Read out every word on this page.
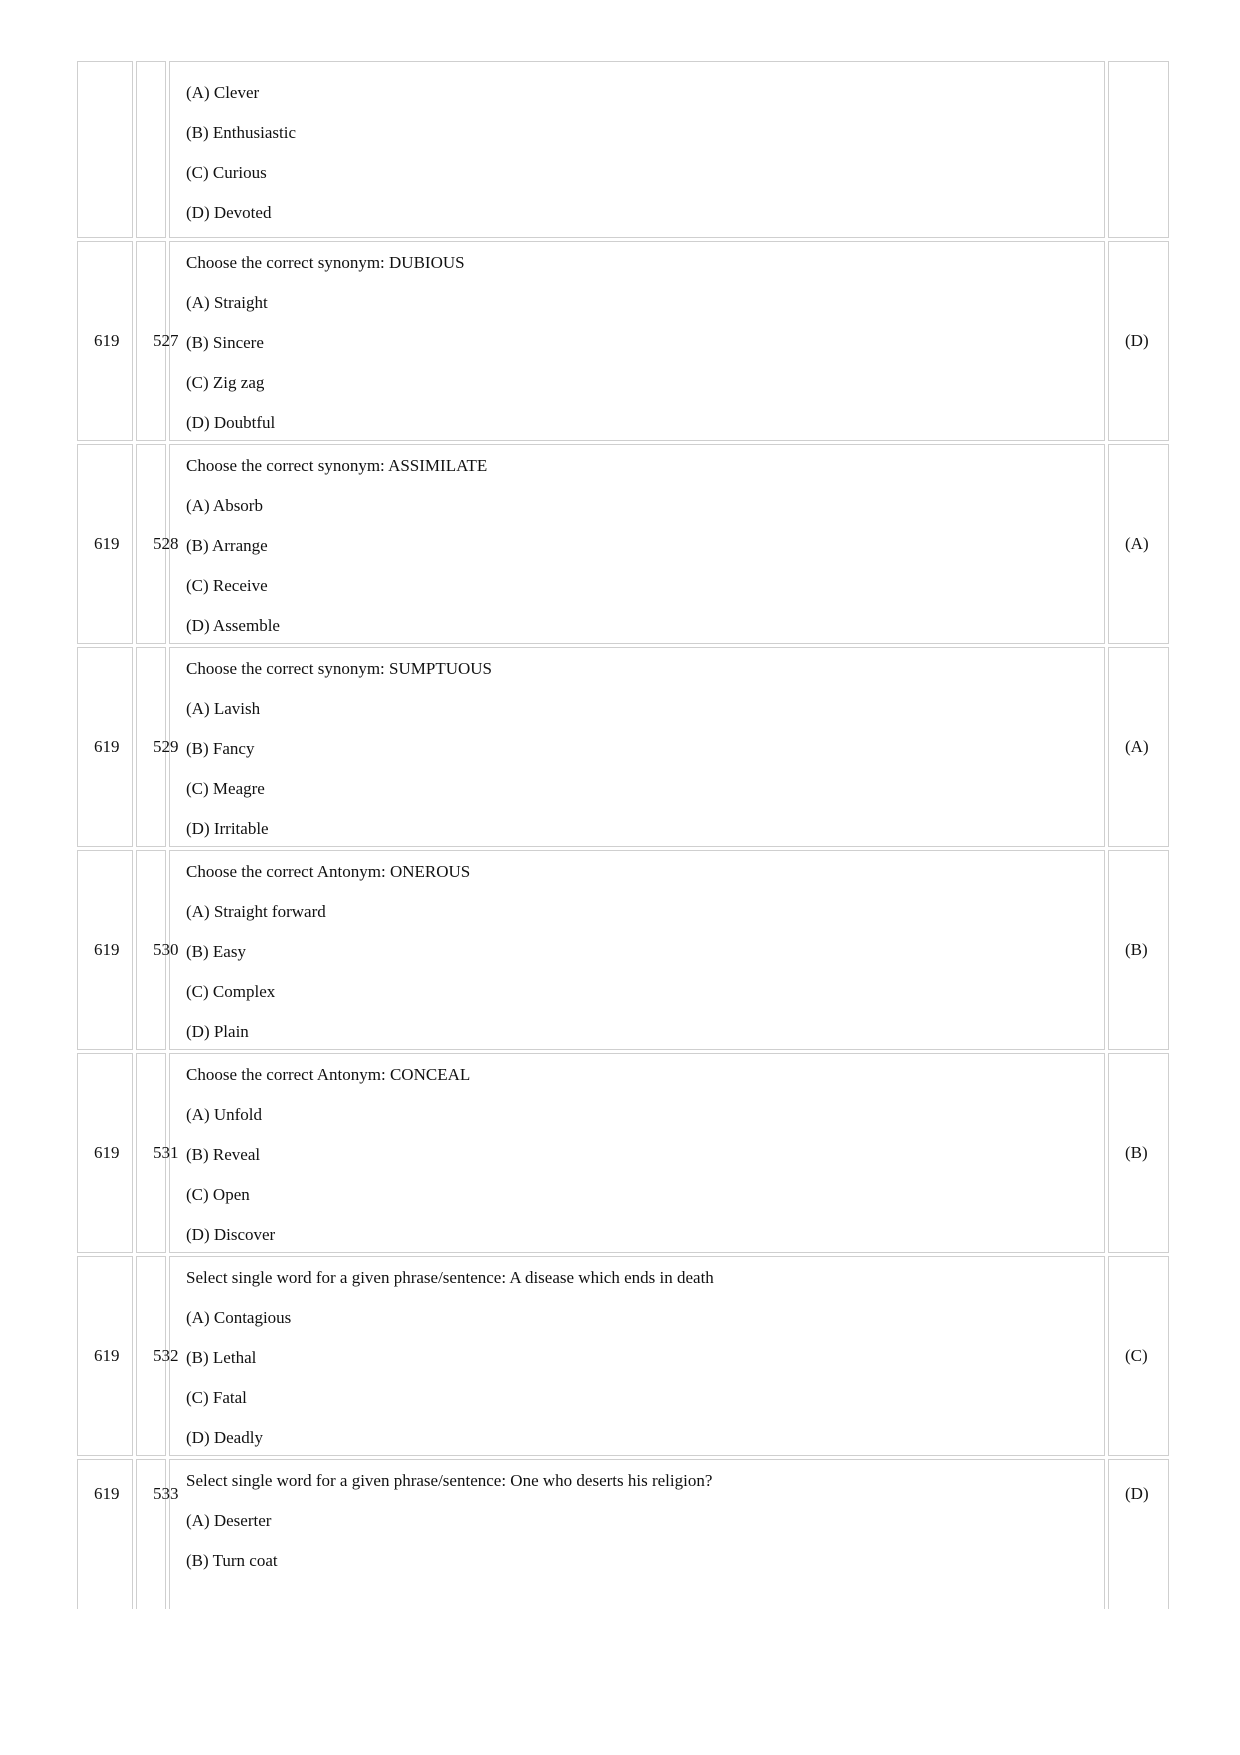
		(A) Clever
(B) Enthusiastic
(C) Curious
(D) Devoted	

619	527	Choose the correct synonym: DUBIOUS
(A) Straight
(B) Sincere
(C) Zig zag
(D) Doubtful	(D)
619	528	Choose the correct synonym: ASSIMILATE
(A) Absorb
(B) Arrange
(C) Receive
(D) Assemble	(A)
619	529	Choose the correct synonym: SUMPTUOUS
(A) Lavish
(B) Fancy
(C) Meagre
(D) Irritable	(A)
619	530	Choose the correct Antonym: ONEROUS
(A) Straight forward
(B) Easy
(C) Complex
(D) Plain	(B)
619	531	Choose the correct Antonym: CONCEAL
(A) Unfold
(B) Reveal
(C) Open
(D) Discover	(B)
619	532	Select single word for a given phrase/sentence: A disease which ends in death
(A) Contagious
(B) Lethal
(C) Fatal
(D) Deadly	(C)
619	533	Select single word for a given phrase/sentence: One who deserts his religion?
(A) Deserter
(B) Turn coat	(D)
